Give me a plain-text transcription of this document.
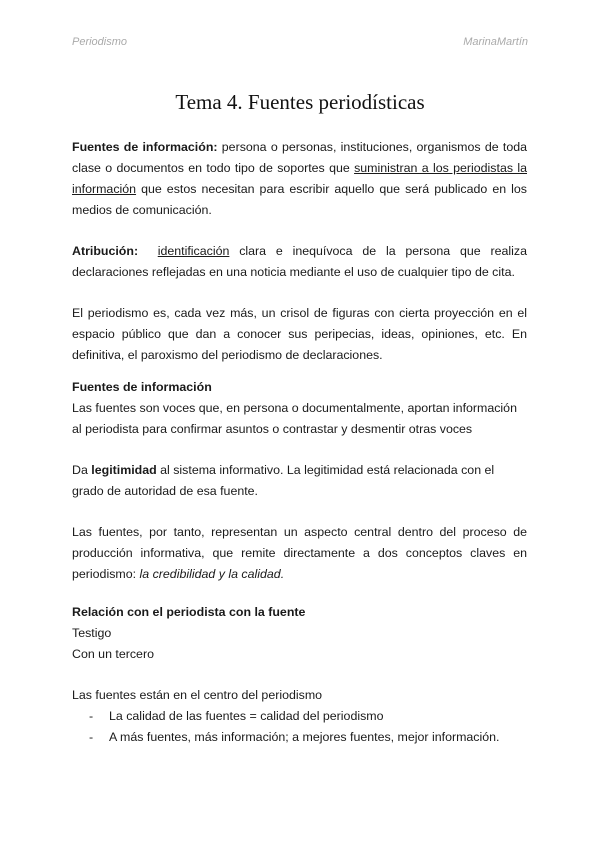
Periodismo	MarinaMartín
Tema 4. Fuentes periodísticas

Fuentes de información: persona o personas, instituciones, organismos de toda clase o documentos en todo tipo de soportes que suministran a los periodistas la información que estos necesitan para escribir aquello que será publicado en los medios de comunicación.

Atribución: identificación clara e inequívoca de la persona que realiza declaraciones reflejadas en una noticia mediante el uso de cualquier tipo de cita.

El periodismo es, cada vez más, un crisol de figuras con cierta proyección en el espacio público que dan a conocer sus peripecias, ideas, opiniones, etc. En definitiva, el paroxismo del periodismo de declaraciones.

Fuentes de información

Las fuentes son voces que, en persona o documentalmente, aportan información al periodista para confirmar asuntos o contrastar y desmentir otras voces

Da legitimidad al sistema informativo. La legitimidad está relacionada con el grado de autoridad de esa fuente.

Las fuentes, por tanto, representan un aspecto central dentro del proceso de producción informativa, que remite directamente a dos conceptos claves en periodismo: la credibilidad y la calidad.

Relación con el periodista con la fuente

Testigo

Con un tercero

Las fuentes están en el centro del periodismo

-	La calidad de las fuentes = calidad del periodismo
-	A más fuentes, más información; a mejores fuentes, mejor información.
